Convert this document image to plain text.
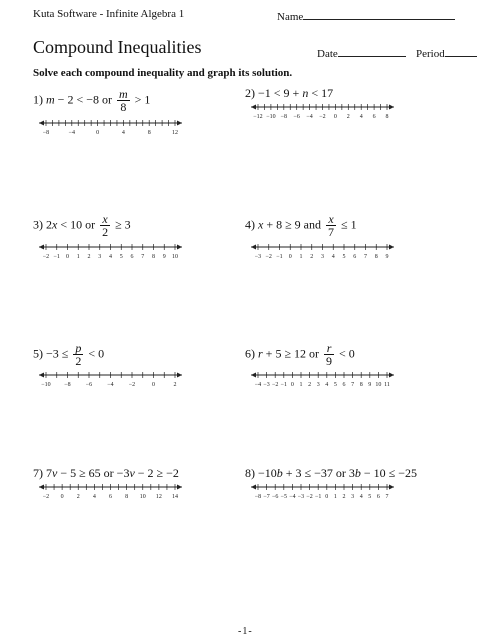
Kuta Software - Infinite Algebra 1	Name
Compound Inequalities	Date	Period
Solve each compound inequality and graph its solution.
1) m − 2 < −8 or $\frac{m}{8} > 1$
−8	−4	0	4	8	12
2) −1 < 9 + n < 17
−12 −10 −8 −6 −4 −2 0 2 4 6 8
3) 2x < 10 or $\frac{x}{2} \ge 3$
−2 −1 0 1 2 3 4 5 6 7 8 9 10
4) x + 8 ≥ 9 and $\frac{x}{7} \le 1$
−3 −2 −1 0 1 2 3 4 5 6 7 8 9
$5) -3 \le \frac{p}{2} < 0$
−10 −8	−6	−4	−2	0	2
6) r + 5 ≥ 12 or $\frac{r}{9} < 0$
−4 −3 −2 −1 0 1 2 3 4 5 6 7 8 9 10 11
7) 7v − 5 ≥ 65 or −3v − 2 ≥ −2
−2 0 2 4 6 8 10 12 14
8) −10b + 3 ≤ −37 or 3b − 10 ≤ −25
−8 −7 −6 −5 −4 −3 −2 −1 0 1 2 3 4 5 6 7
-1-
